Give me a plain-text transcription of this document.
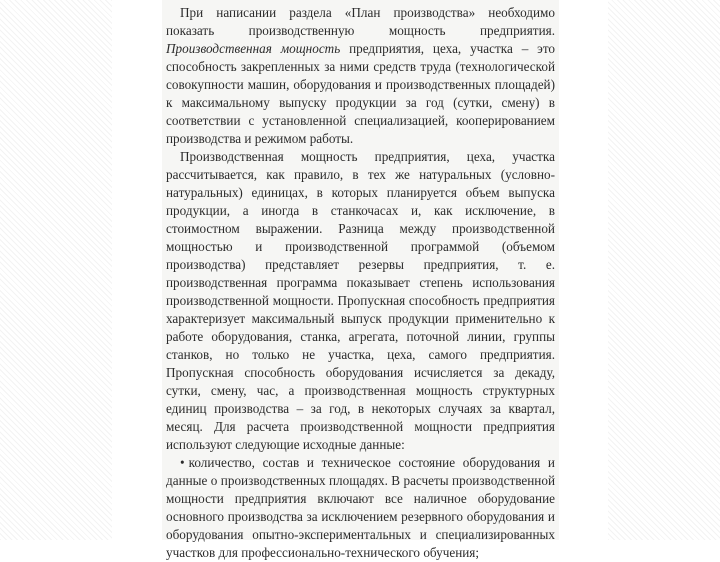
При написании раздела «План производства» необходимо показать производственную мощность предприятия. Производственная мощность предприятия, цеха, участка – это способность закрепленных за ними средств труда (технологической совокупности машин, оборудования и производственных площадей) к максимальному выпуску продукции за год (сутки, смену) в соответствии с установленной специализацией, кооперированием производства и режимом работы.

Производственная мощность предприятия, цеха, участка рассчитывается, как правило, в тех же натуральных (условно-натуральных) единицах, в которых планируется объем выпуска продукции, а иногда в станкочасах и, как исключение, в стоимостном выражении. Разница между производственной мощностью и производственной программой (объемом производства) представляет резервы предприятия, т. е. производственная программа показывает степень использования производственной мощности. Пропускная способность предприятия характеризует максимальный выпуск продукции применительно к работе оборудования, станка, агрегата, поточной линии, группы станков, но только не участка, цеха, самого предприятия. Пропускная способность оборудования исчисляется за декаду, сутки, смену, час, а производственная мощность структурных единиц производства – за год, в некоторых случаях за квартал, месяц. Для расчета производственной мощности предприятия используют следующие исходные данные:

• количество, состав и техническое состояние оборудования и данные о производственных площадях. В расчеты производственной мощности предприятия включают все наличное оборудование основного производства за исключением резервного оборудования и оборудования опытно-экспериментальных и специализированных участков для профессионально-технического обучения;
